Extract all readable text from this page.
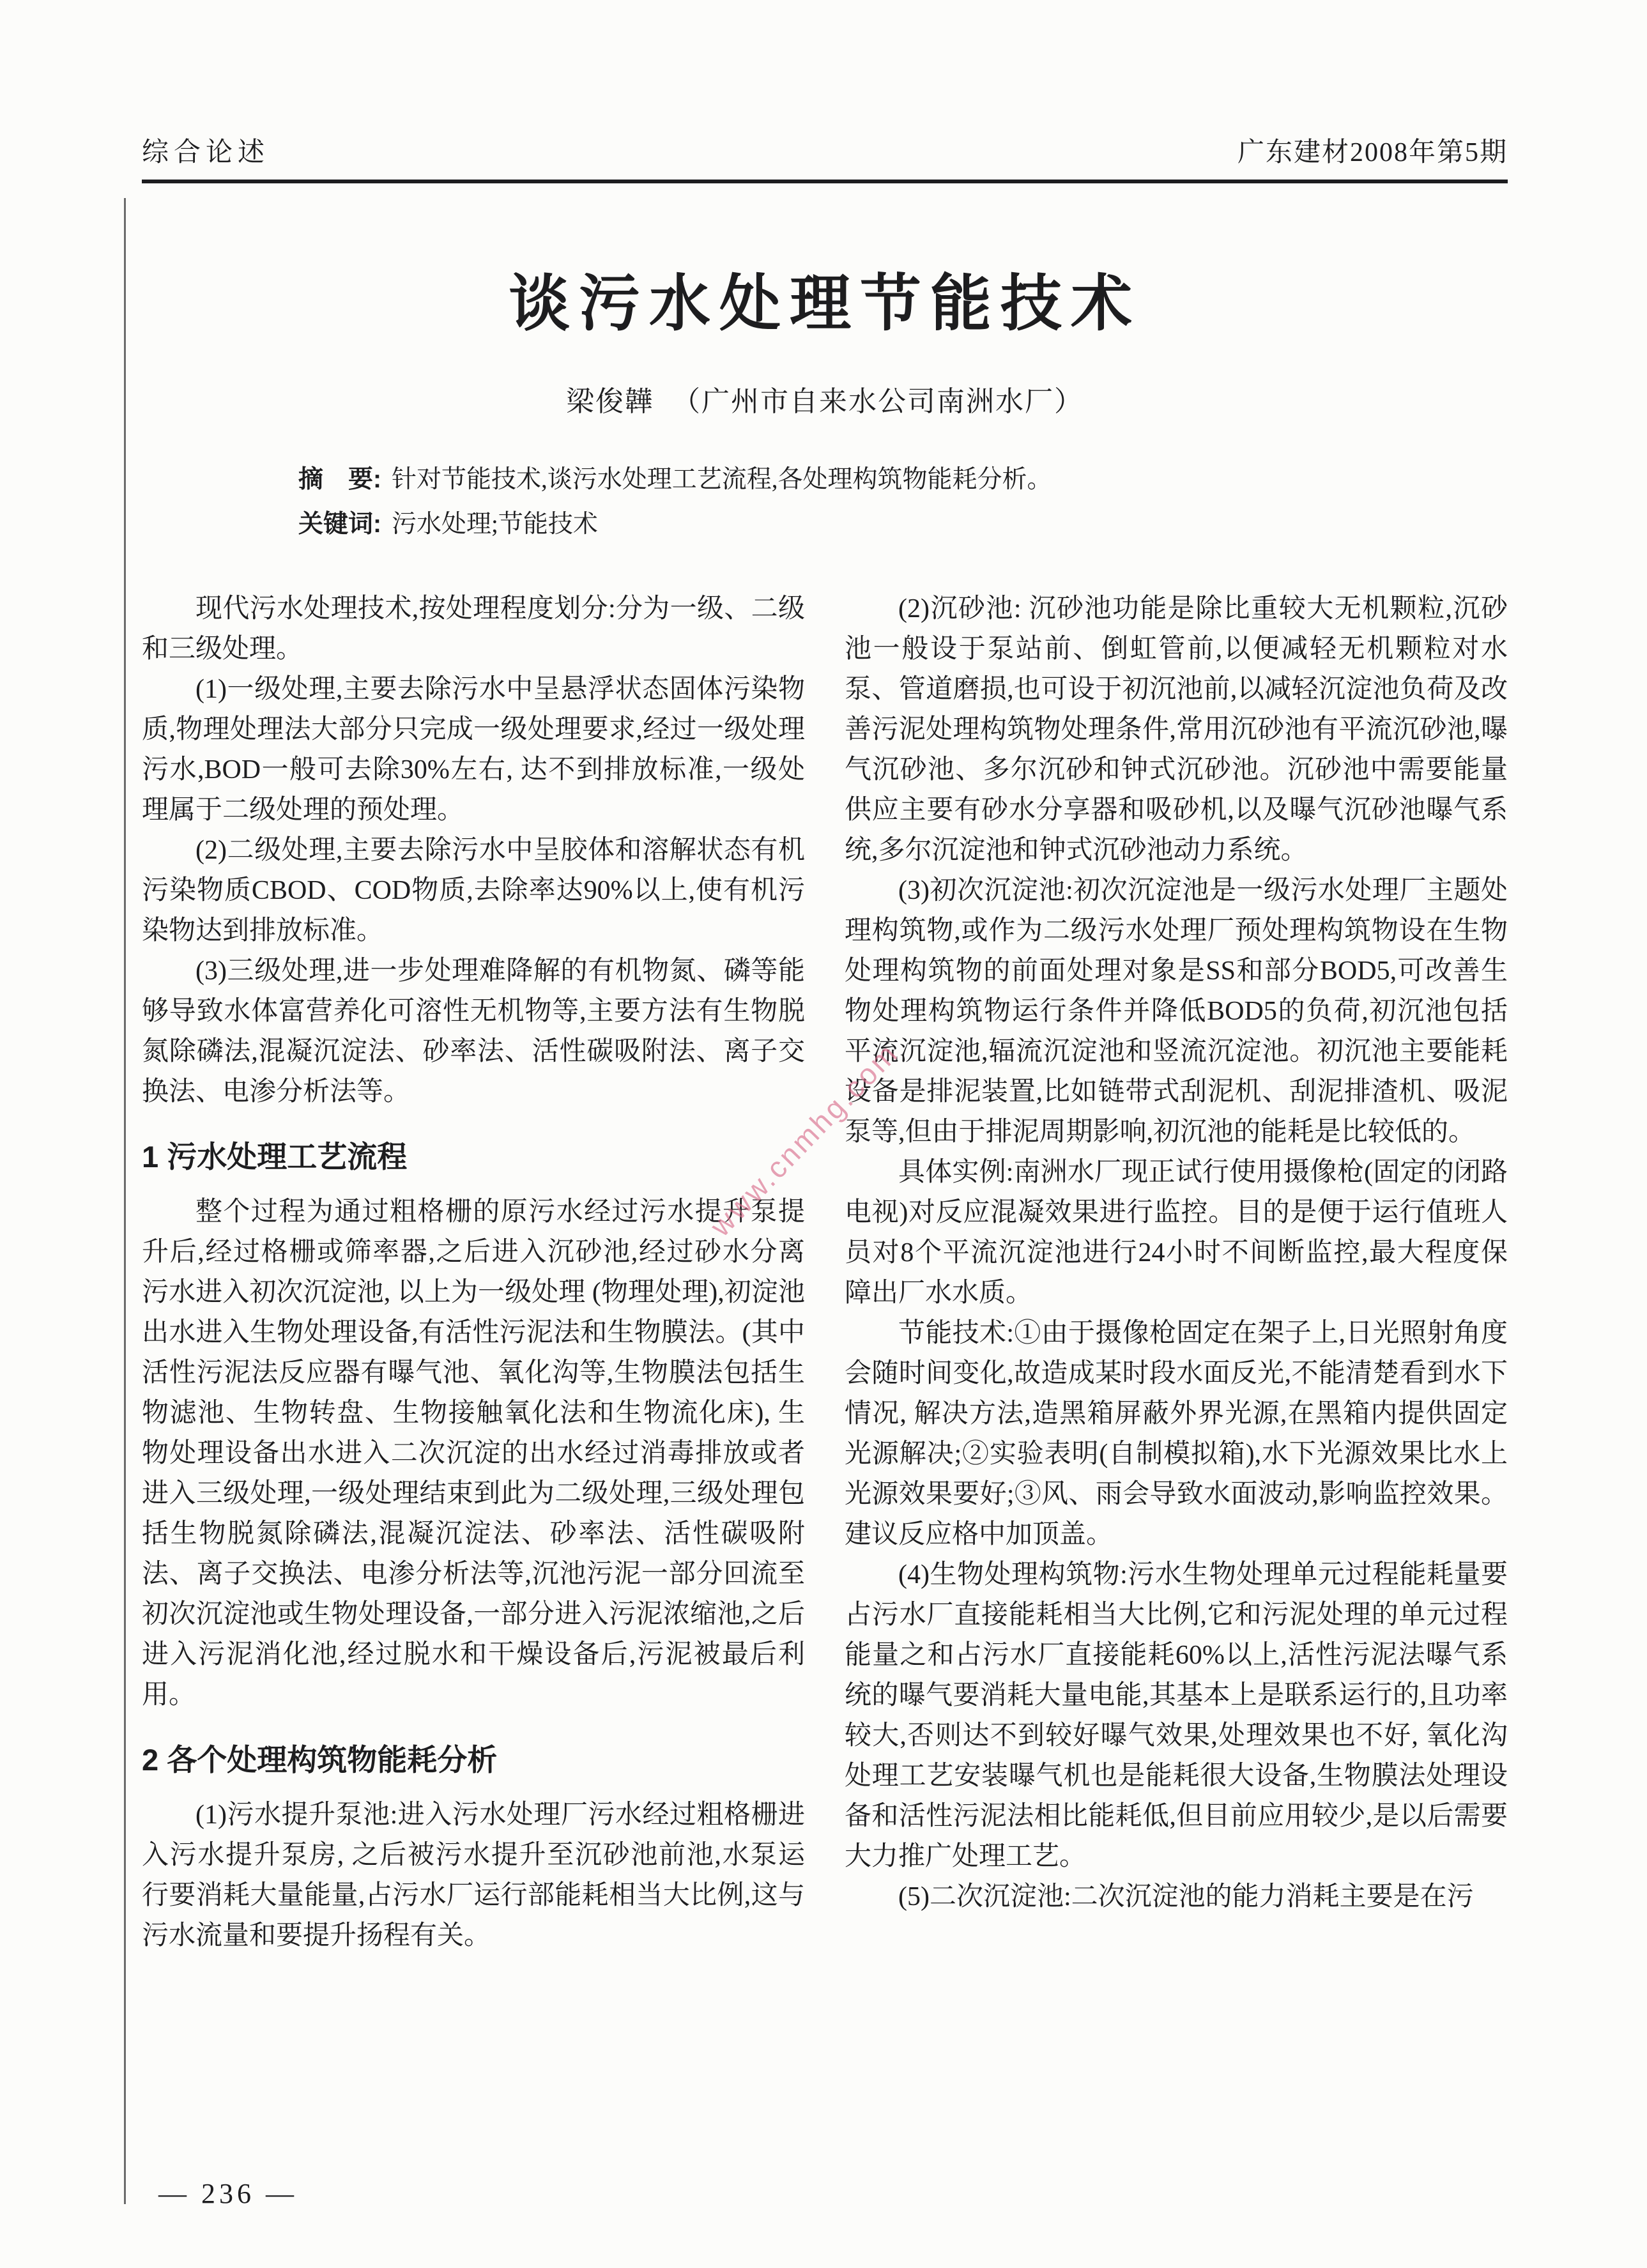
综合论述	广东建材2008年第5期
谈污水处理节能技术
梁俊韡 （广州市自来水公司南洲水厂）
摘　要: 针对节能技术,谈污水处理工艺流程,各处理构筑物能耗分析。
关键词: 污水处理;节能技术
现代污水处理技术,按处理程度划分:分为一级、二级和三级处理。
(1)一级处理,主要去除污水中呈悬浮状态固体污染物质,物理处理法大部分只完成一级处理要求,经过一级处理污水,BOD一般可去除30%左右, 达不到排放标准,一级处理属于二级处理的预处理。
(2)二级处理,主要去除污水中呈胶体和溶解状态有机污染物质CBOD、COD物质,去除率达90%以上,使有机污染物达到排放标准。
(3)三级处理,进一步处理难降解的有机物氮、磷等能够导致水体富营养化可溶性无机物等,主要方法有生物脱氮除磷法,混凝沉淀法、砂率法、活性碳吸附法、离子交换法、电渗分析法等。
1 污水处理工艺流程
整个过程为通过粗格栅的原污水经过污水提升泵提升后,经过格栅或筛率器,之后进入沉砂池,经过砂水分离污水进入初次沉淀池, 以上为一级处理 (物理处理),初淀池出水进入生物处理设备,有活性污泥法和生物膜法。(其中活性污泥法反应器有曝气池、氧化沟等,生物膜法包括生物滤池、生物转盘、生物接触氧化法和生物流化床), 生物处理设备出水进入二次沉淀的出水经过消毒排放或者进入三级处理,一级处理结束到此为二级处理,三级处理包括生物脱氮除磷法,混凝沉淀法、砂率法、活性碳吸附法、离子交换法、电渗分析法等,沉池污泥一部分回流至初次沉淀池或生物处理设备,一部分进入污泥浓缩池,之后进入污泥消化池,经过脱水和干燥设备后,污泥被最后利用。
2 各个处理构筑物能耗分析
(1)污水提升泵池:进入污水处理厂污水经过粗格栅进入污水提升泵房, 之后被污水提升至沉砂池前池,水泵运行要消耗大量能量,占污水厂运行部能耗相当大比例,这与污水流量和要提升扬程有关。
(2)沉砂池: 沉砂池功能是除比重较大无机颗粒,沉砂池一般设于泵站前、倒虹管前,以便减轻无机颗粒对水泵、管道磨损,也可设于初沉池前,以减轻沉淀池负荷及改善污泥处理构筑物处理条件,常用沉砂池有平流沉砂池,曝气沉砂池、多尔沉砂和钟式沉砂池。沉砂池中需要能量供应主要有砂水分享器和吸砂机,以及曝气沉砂池曝气系统,多尔沉淀池和钟式沉砂池动力系统。
(3)初次沉淀池:初次沉淀池是一级污水处理厂主题处理构筑物,或作为二级污水处理厂预处理构筑物设在生物处理构筑物的前面处理对象是SS和部分BOD5,可改善生物处理构筑物运行条件并降低BOD5的负荷,初沉池包括平流沉淀池,辐流沉淀池和竖流沉淀池。初沉池主要能耗设备是排泥装置,比如链带式刮泥机、刮泥排渣机、吸泥泵等,但由于排泥周期影响,初沉池的能耗是比较低的。
具体实例:南洲水厂现正试行使用摄像枪(固定的闭路电视)对反应混凝效果进行监控。目的是便于运行值班人员对8个平流沉淀池进行24小时不间断监控,最大程度保障出厂水水质。
节能技术:①由于摄像枪固定在架子上,日光照射角度会随时间变化,故造成某时段水面反光,不能清楚看到水下情况, 解决方法,造黑箱屏蔽外界光源,在黑箱内提供固定光源解决;②实验表明(自制模拟箱),水下光源效果比水上光源效果要好;③风、雨会导致水面波动,影响监控效果。建议反应格中加顶盖。
(4)生物处理构筑物:污水生物处理单元过程能耗量要占污水厂直接能耗相当大比例,它和污泥处理的单元过程能量之和占污水厂直接能耗60%以上,活性污泥法曝气系统的曝气要消耗大量电能,其基本上是联系运行的,且功率较大,否则达不到较好曝气效果,处理效果也不好, 氧化沟处理工艺安装曝气机也是能耗很大设备,生物膜法处理设备和活性污泥法相比能耗低,但目前应用较少,是以后需要大力推广处理工艺。
(5)二次沉淀池:二次沉淀池的能力消耗主要是在污
www.cnmhg.com
— 236 —
